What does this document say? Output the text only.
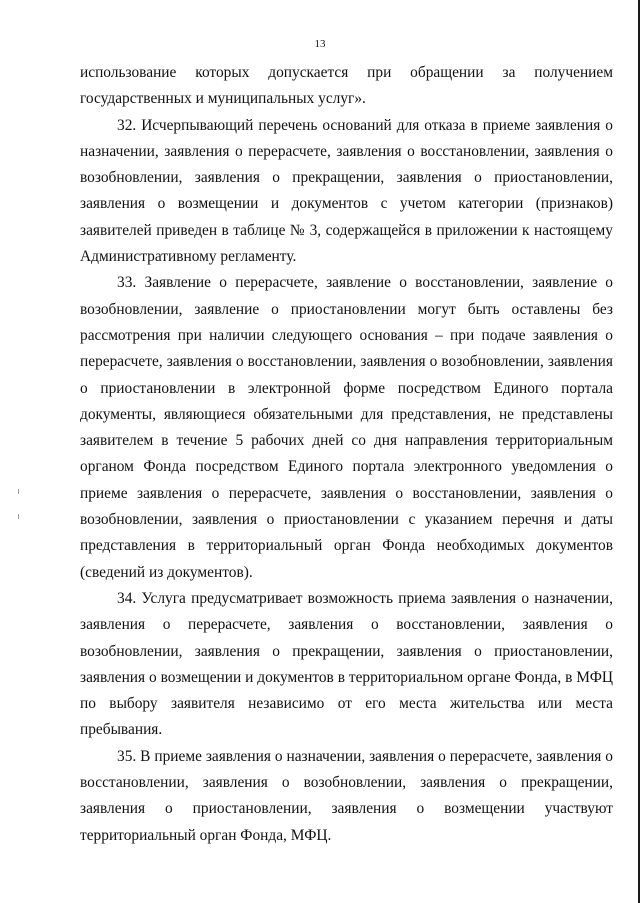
13

использование которых допускается при обращении за получением государственных и муниципальных услуг».

32. Исчерпывающий перечень оснований для отказа в приеме заявления о назначении, заявления о перерасчете, заявления о восстановлении, заявления о возобновлении, заявления о прекращении, заявления о приостановлении, заявления о возмещении и документов с учетом категории (признаков) заявителей приведен в таблице № 3, содержащейся в приложении к настоящему Административному регламенту.

33. Заявление о перерасчете, заявление о восстановлении, заявление о возобновлении, заявление о приостановлении могут быть оставлены без рассмотрения при наличии следующего основания – при подаче заявления о перерасчете, заявления о восстановлении, заявления о возобновлении, заявления о приостановлении в электронной форме посредством Единого портала документы, являющиеся обязательными для представления, не представлены заявителем в течение 5 рабочих дней со дня направления территориальным органом Фонда посредством Единого портала электронного уведомления о приеме заявления о перерасчете, заявления о восстановлении, заявления о возобновлении, заявления о приостановлении с указанием перечня и даты представления в территориальный орган Фонда необходимых документов (сведений из документов).

34. Услуга предусматривает возможность приема заявления о назначении, заявления о перерасчете, заявления о восстановлении, заявления о возобновлении, заявления о прекращении, заявления о приостановлении, заявления о возмещении и документов в территориальном органе Фонда, в МФЦ по выбору заявителя независимо от его места жительства или места пребывания.

35. В приеме заявления о назначении, заявления о перерасчете, заявления о восстановлении, заявления о возобновлении, заявления о прекращении, заявления о приостановлении, заявления о возмещении участвуют территориальный орган Фонда, МФЦ.
